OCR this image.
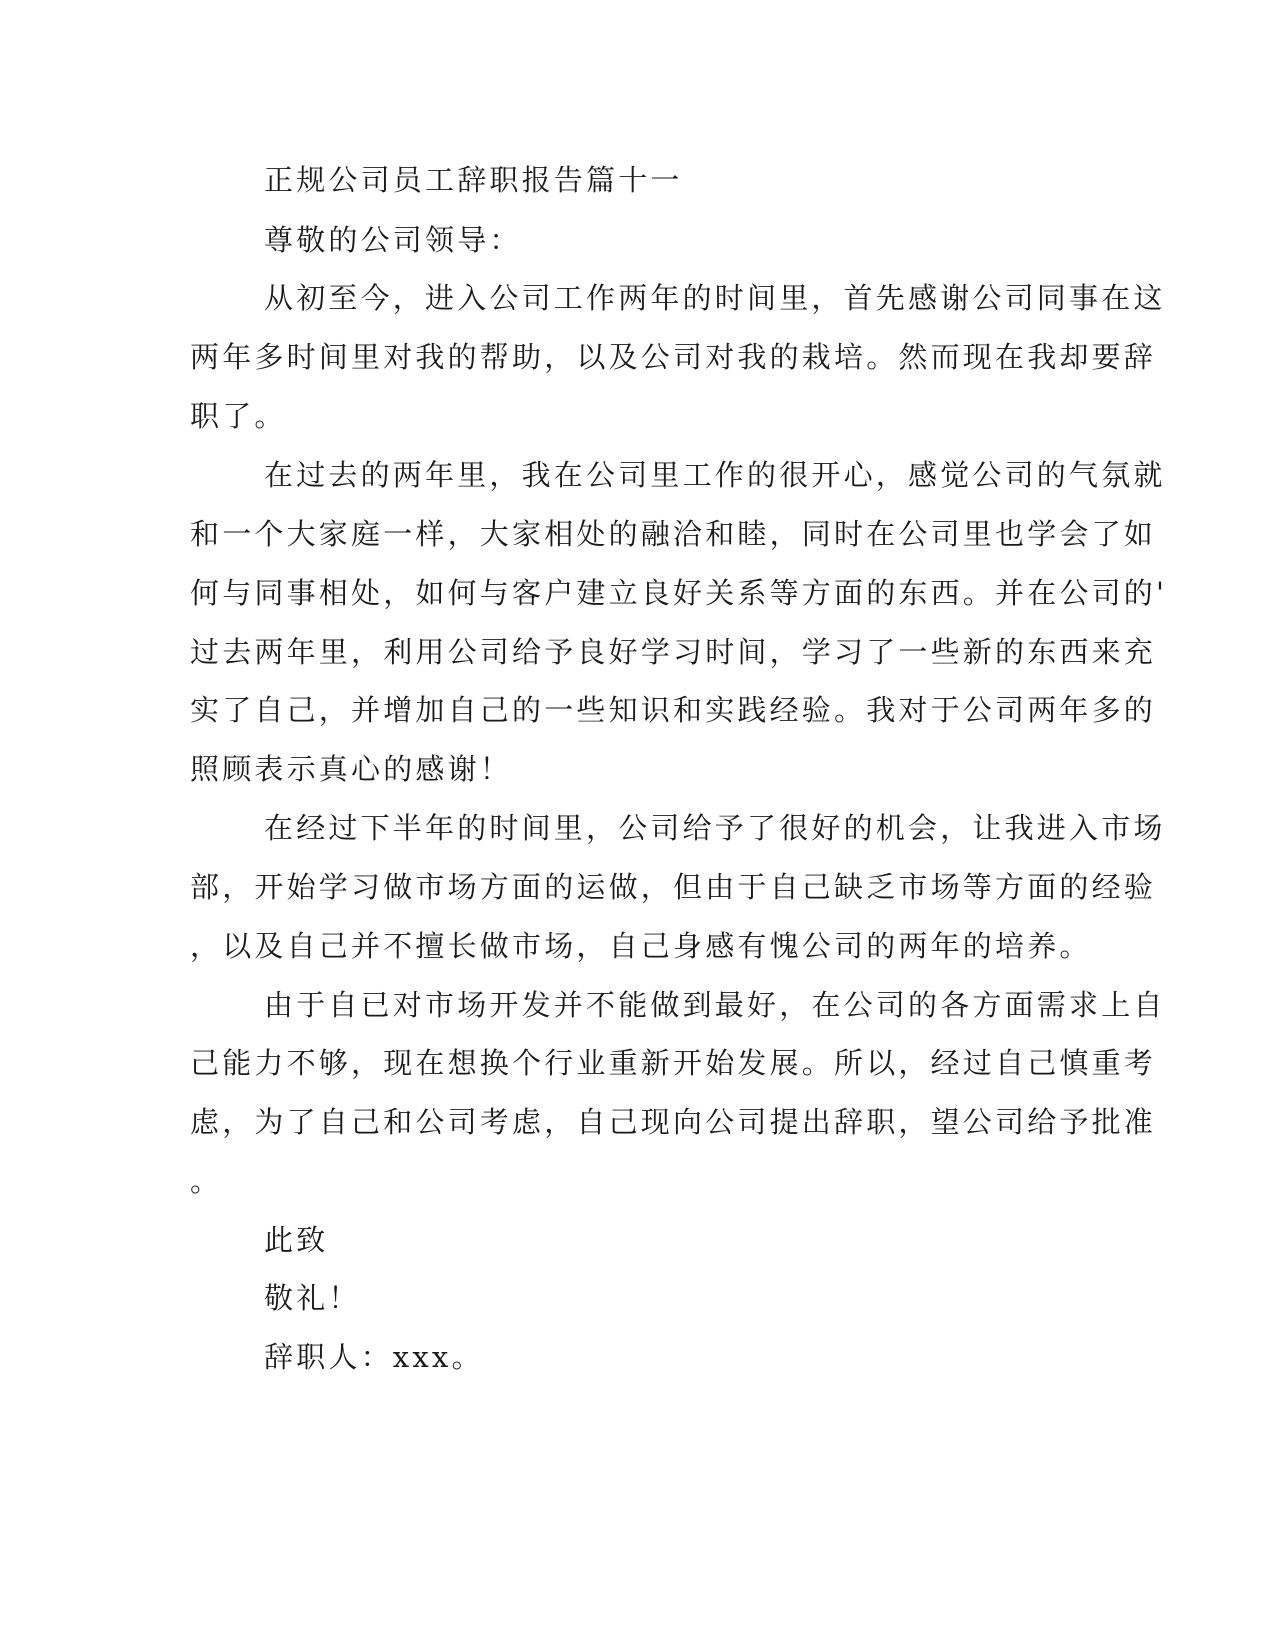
正规公司员工辞职报告篇十一
尊敬的公司领导：
从初至今，进入公司工作两年的时间里，首先感谢公司同事在这
两年多时间里对我的帮助，以及公司对我的栽培。然而现在我却要辞
职了。
在过去的两年里，我在公司里工作的很开心，感觉公司的气氛就
和一个大家庭一样，大家相处的融洽和睦，同时在公司里也学会了如
何与同事相处，如何与客户建立良好关系等方面的东西。并在公司的'
过去两年里，利用公司给予良好学习时间，学习了一些新的东西来充
实了自己，并增加自己的一些知识和实践经验。我对于公司两年多的
照顾表示真心的感谢！
在经过下半年的时间里，公司给予了很好的机会，让我进入市场
部，开始学习做市场方面的运做，但由于自己缺乏市场等方面的经验
，以及自己并不擅长做市场，自己身感有愧公司的两年的培养。
由于自已对市场开发并不能做到最好，在公司的各方面需求上自
己能力不够，现在想换个行业重新开始发展。所以，经过自己慎重考
虑，为了自己和公司考虑，自己现向公司提出辞职，望公司给予批准
。
此致
敬礼！
辞职人：xxx。
